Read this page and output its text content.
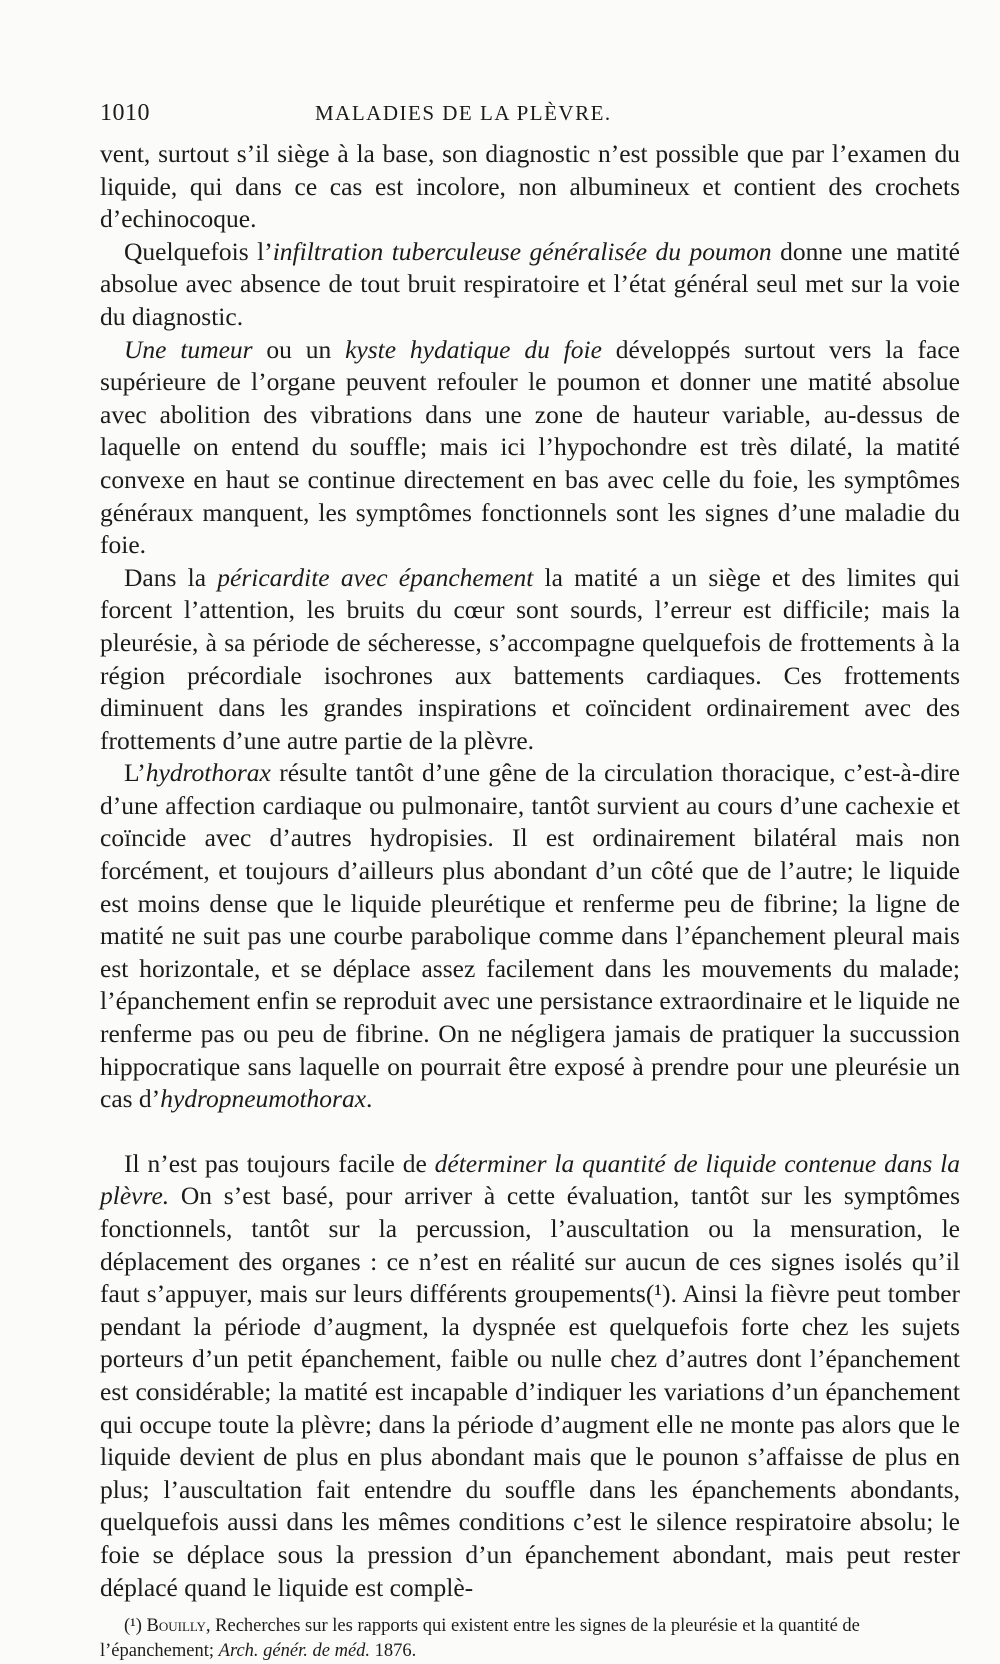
1010	MALADIES DE LA PLÈVRE.

vent, surtout s’il siège à la base, son diagnostic n’est possible que par l’examen du liquide, qui dans ce cas est incolore, non albumineux et contient des crochets d’echinocoque.

Quelquefois l’infiltration tuberculeuse généralisée du poumon donne une matité absolue avec absence de tout bruit respiratoire et l’état général seul met sur la voie du diagnostic.

Une tumeur ou un kyste hydatique du foie développés surtout vers la face supérieure de l’organe peuvent refouler le poumon et donner une matité absolue avec abolition des vibrations dans une zone de hauteur variable, au-dessus de laquelle on entend du souffle; mais ici l’hypochondre est très dilaté, la matité convexe en haut se continue directement en bas avec celle du foie, les symptômes généraux manquent, les symptômes fonctionnels sont les signes d’une maladie du foie.

Dans la péricardite avec épanchement la matité a un siège et des limites qui forcent l’attention, les bruits du cœur sont sourds, l’erreur est difficile; mais la pleurésie, à sa période de sécheresse, s’accompagne quelquefois de frottements à la région précordiale isochrones aux battements cardiaques. Ces frottements diminuent dans les grandes inspirations et coïncident ordinairement avec des frottements d’une autre partie de la plèvre.

L’hydrothorax résulte tantôt d’une gêne de la circulation thoracique, c’est-à-dire d’une affection cardiaque ou pulmonaire, tantôt survient au cours d’une cachexie et coïncide avec d’autres hydropisies. Il est ordinairement bilatéral mais non forcément, et toujours d’ailleurs plus abondant d’un côté que de l’autre; le liquide est moins dense que le liquide pleurétique et renferme peu de fibrine; la ligne de matité ne suit pas une courbe parabolique comme dans l’épanchement pleural mais est horizontale, et se déplace assez facilement dans les mouvements du malade; l’épanchement enfin se reproduit avec une persistance extraordinaire et le liquide ne renferme pas ou peu de fibrine. On ne négligera jamais de pratiquer la succussion hippocratique sans laquelle on pourrait être exposé à prendre pour une pleurésie un cas d’hydropneumothorax.

Il n’est pas toujours facile de déterminer la quantité de liquide contenue dans la plèvre. On s’est basé, pour arriver à cette évaluation, tantôt sur les symptômes fonctionnels, tantôt sur la percussion, l’auscultation ou la mensuration, le déplacement des organes : ce n’est en réalité sur aucun de ces signes isolés qu’il faut s’appuyer, mais sur leurs différents groupements(¹). Ainsi la fièvre peut tomber pendant la période d’augment, la dyspnée est quelquefois forte chez les sujets porteurs d’un petit épanchement, faible ou nulle chez d’autres dont l’épanchement est considérable; la matité est incapable d’indiquer les variations d’un épanchement qui occupe toute la plèvre; dans la période d’augment elle ne monte pas alors que le liquide devient de plus en plus abondant mais que le pounon s’affaisse de plus en plus; l’auscultation fait entendre du souffle dans les épanchements abondants, quelquefois aussi dans les mêmes conditions c’est le silence respiratoire absolu; le foie se déplace sous la pression d’un épanchement abondant, mais peut rester déplacé quand le liquide est complè-

(¹) Bouilly, Recherches sur les rapports qui existent entre les signes de la pleurésie et la quantité de l’épanchement; Arch. génér. de méd. 1876.
